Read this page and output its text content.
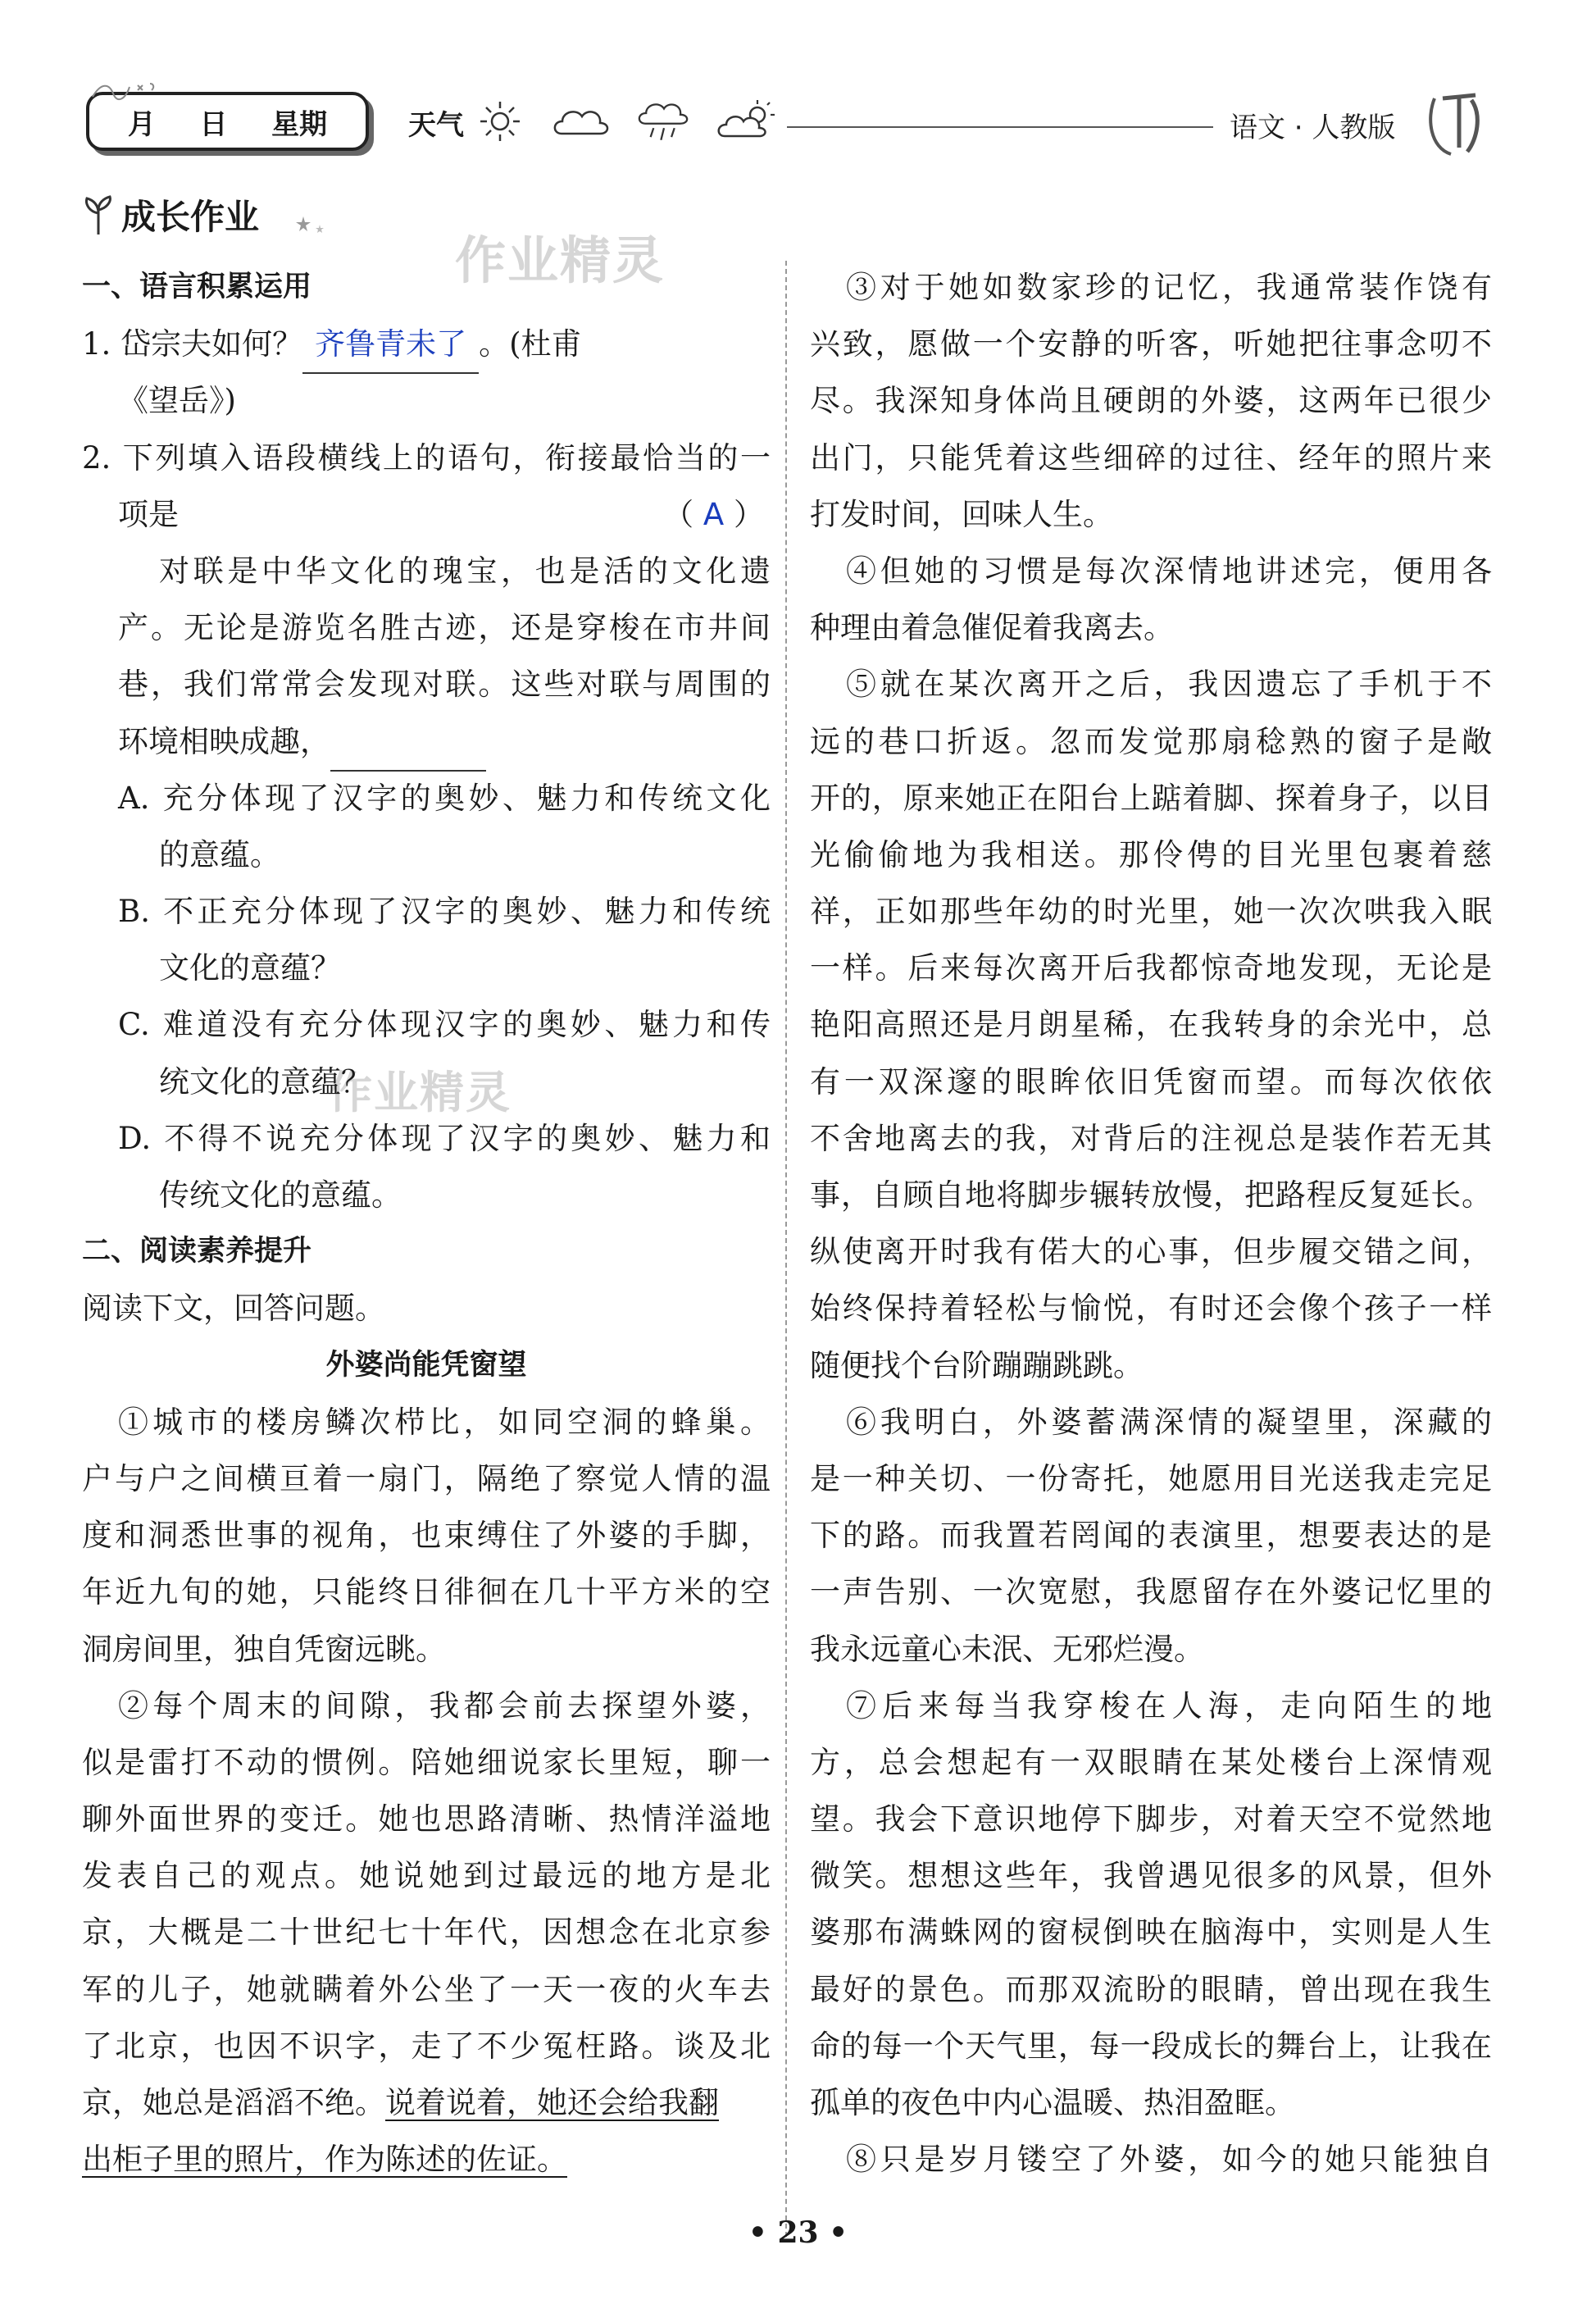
月 日 星期	天气	语文 · 人教版
成长作业
作业精灵
作业精灵
一、语言积累运用
1. 岱宗夫如何？ 齐鲁青未了 。(杜甫
《望岳》)
2. 下列填入语段横线上的语句，衔接最恰当的一
项是	（ A ）
对联是中华文化的瑰宝，也是活的文化遗
产。无论是游览名胜古迹，还是穿梭在市井间
巷，我们常常会发现对联。这些对联与周围的
环境相映成趣，
A. 充分体现了汉字的奥妙、魅力和传统文化
的意蕴。
B. 不正充分体现了汉字的奥妙、魅力和传统
文化的意蕴？
C. 难道没有充分体现汉字的奥妙、魅力和传
统文化的意蕴？
D. 不得不说充分体现了汉字的奥妙、魅力和
传统文化的意蕴。
二、阅读素养提升
阅读下文，回答问题。
外婆尚能凭窗望
①城市的楼房鳞次栉比，如同空洞的蜂巢。
户与户之间横亘着一扇门，隔绝了察觉人情的温
度和洞悉世事的视角，也束缚住了外婆的手脚，
年近九旬的她，只能终日徘徊在几十平方米的空
洞房间里，独自凭窗远眺。
②每个周末的间隙，我都会前去探望外婆，
似是雷打不动的惯例。陪她细说家长里短，聊一
聊外面世界的变迁。她也思路清晰、热情洋溢地
发表自己的观点。她说她到过最远的地方是北
京，大概是二十世纪七十年代，因想念在北京参
军的儿子，她就瞒着外公坐了一天一夜的火车去
了北京，也因不识字，走了不少冤枉路。谈及北
京，她总是滔滔不绝。说着说着，她还会给我翻
出柜子里的照片，作为陈述的佐证。
③对于她如数家珍的记忆，我通常装作饶有
兴致，愿做一个安静的听客，听她把往事念叨不
尽。我深知身体尚且硬朗的外婆，这两年已很少
出门，只能凭着这些细碎的过往、经年的照片来
打发时间，回味人生。
④但她的习惯是每次深情地讲述完，便用各
种理由着急催促着我离去。
⑤就在某次离开之后，我因遗忘了手机于不
远的巷口折返。忽而发觉那扇稔熟的窗子是敞
开的，原来她正在阳台上踮着脚、探着身子，以目
光偷偷地为我相送。那伶俜的目光里包裹着慈
祥，正如那些年幼的时光里，她一次次哄我入眠
一样。后来每次离开后我都惊奇地发现，无论是
艳阳高照还是月朗星稀，在我转身的余光中，总
有一双深邃的眼眸依旧凭窗而望。而每次依依
不舍地离去的我，对背后的注视总是装作若无其
事，自顾自地将脚步辗转放慢，把路程反复延长。
纵使离开时我有偌大的心事，但步履交错之间，
始终保持着轻松与愉悦，有时还会像个孩子一样
随便找个台阶蹦蹦跳跳。
⑥我明白，外婆蓄满深情的凝望里，深藏的
是一种关切、一份寄托，她愿用目光送我走完足
下的路。而我置若罔闻的表演里，想要表达的是
一声告别、一次宽慰，我愿留存在外婆记忆里的
我永远童心未泯、无邪烂漫。
⑦后来每当我穿梭在人海，走向陌生的地
方，总会想起有一双眼睛在某处楼台上深情观
望。我会下意识地停下脚步，对着天空不觉然地
微笑。想想这些年，我曾遇见很多的风景，但外
婆那布满蛛网的窗棂倒映在脑海中，实则是人生
最好的景色。而那双流盼的眼睛，曾出现在我生
命的每一个天气里，每一段成长的舞台上，让我在
孤单的夜色中内心温暖、热泪盈眶。
⑧只是岁月镂空了外婆，如今的她只能独自
• 23 •
